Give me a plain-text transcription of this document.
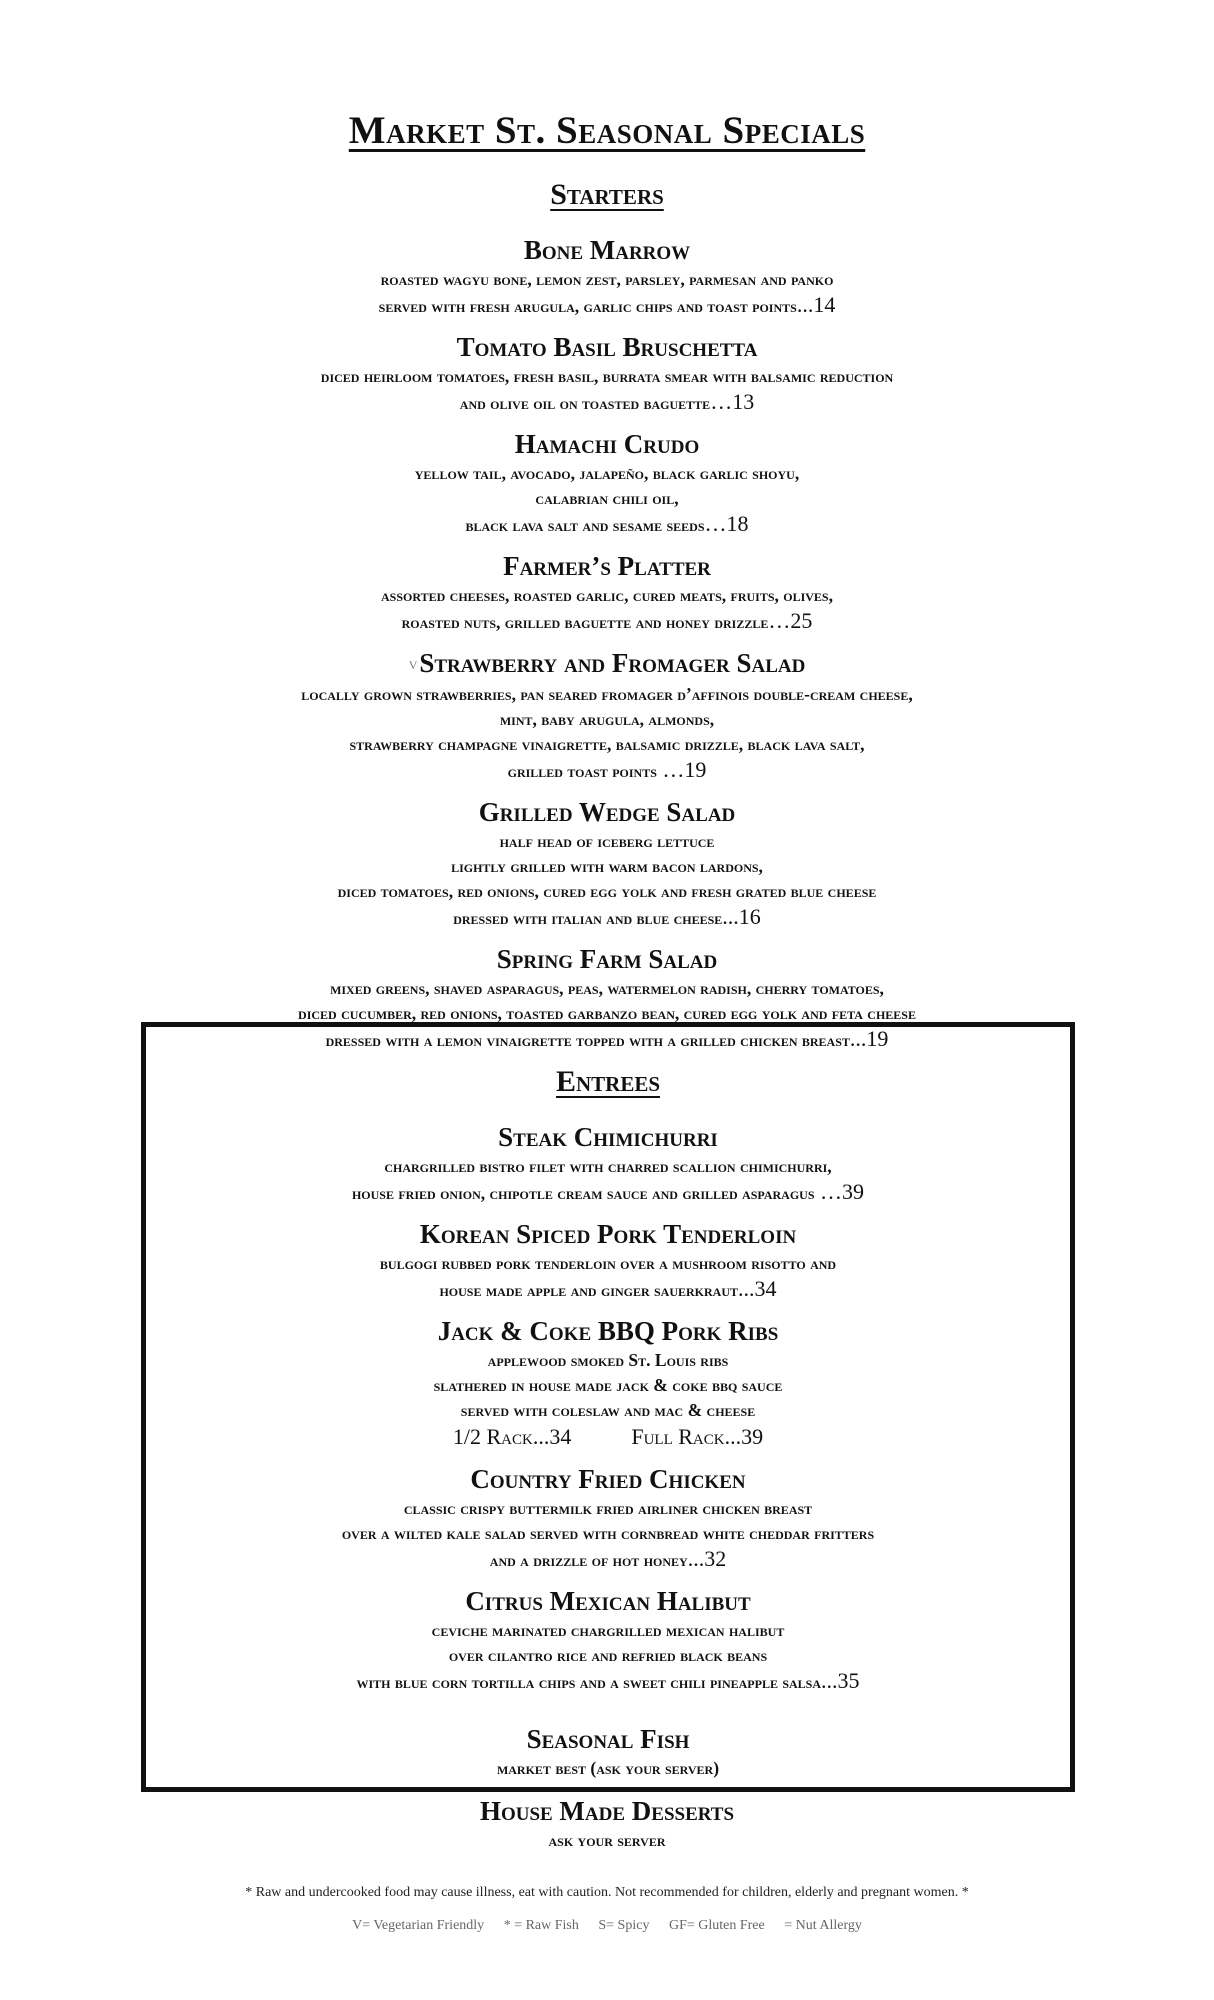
Market St. Seasonal Specials
Starters
Bone Marrow
roasted wagyu bone, lemon zest, parsley, parmesan and panko
served with fresh arugula, garlic chips and toast points...14
Tomato Basil Bruschetta
diced heirloom tomatoes, fresh basil, burrata smear with balsamic reduction
and olive oil on toasted baguette…13
Hamachi Crudo
yellow tail, avocado, jalapeño, black garlic shoyu,
calabrian chili oil,
black lava salt and sesame seeds…18
Farmer’s Platter
assorted cheeses, roasted garlic, cured meats, fruits, olives,
roasted nuts, grilled baguette and honey drizzle…25
VStrawberry and Fromager Salad
locally grown strawberries, pan seared fromager d’affinois double-cream cheese,
mint, baby arugula, almonds,
strawberry champagne vinaigrette, balsamic drizzle, black lava salt,
grilled toast points …19
Grilled Wedge Salad
half head of iceberg lettuce
lightly grilled with warm bacon lardons,
diced tomatoes, red onions, cured egg yolk and fresh grated blue cheese
dressed with italian and blue cheese...16
Spring Farm Salad
mixed greens, shaved asparagus, peas, watermelon radish, cherry tomatoes,
diced cucumber, red onions, toasted garbanzo bean, cured egg yolk and feta cheese
dressed with a lemon vinaigrette topped with a grilled chicken breast...19
Entrees
Steak Chimichurri
chargrilled bistro filet with charred scallion chimichurri,
house fried onion, chipotle cream sauce and grilled asparagus …39
Korean Spiced Pork Tenderloin
bulgogi rubbed pork tenderloin over a mushroom risotto and
house made apple and ginger sauerkraut...34
Jack & Coke BBQ Pork Ribs
applewood smoked St. Louis ribs
slathered in house made jack & coke bbq sauce
served with coleslaw and mac & cheese
1/2 Rack...34	Full Rack...39
Country Fried Chicken
classic crispy buttermilk fried airliner chicken breast
over a wilted kale salad served with cornbread white cheddar fritters
and a drizzle of hot honey...32
Citrus Mexican Halibut
ceviche marinated chargrilled mexican halibut
over cilantro rice and refried black beans
with blue corn tortilla chips and a sweet chili pineapple salsa...35
Seasonal Fish
market best (ask your server)
House Made Desserts
ask your server
* Raw and undercooked food may cause illness, eat with caution. Not recommended for children, elderly and pregnant women. *
V= Vegetarian Friendly * = Raw Fish S= Spicy GF= Gluten Free = Nut Allergy
